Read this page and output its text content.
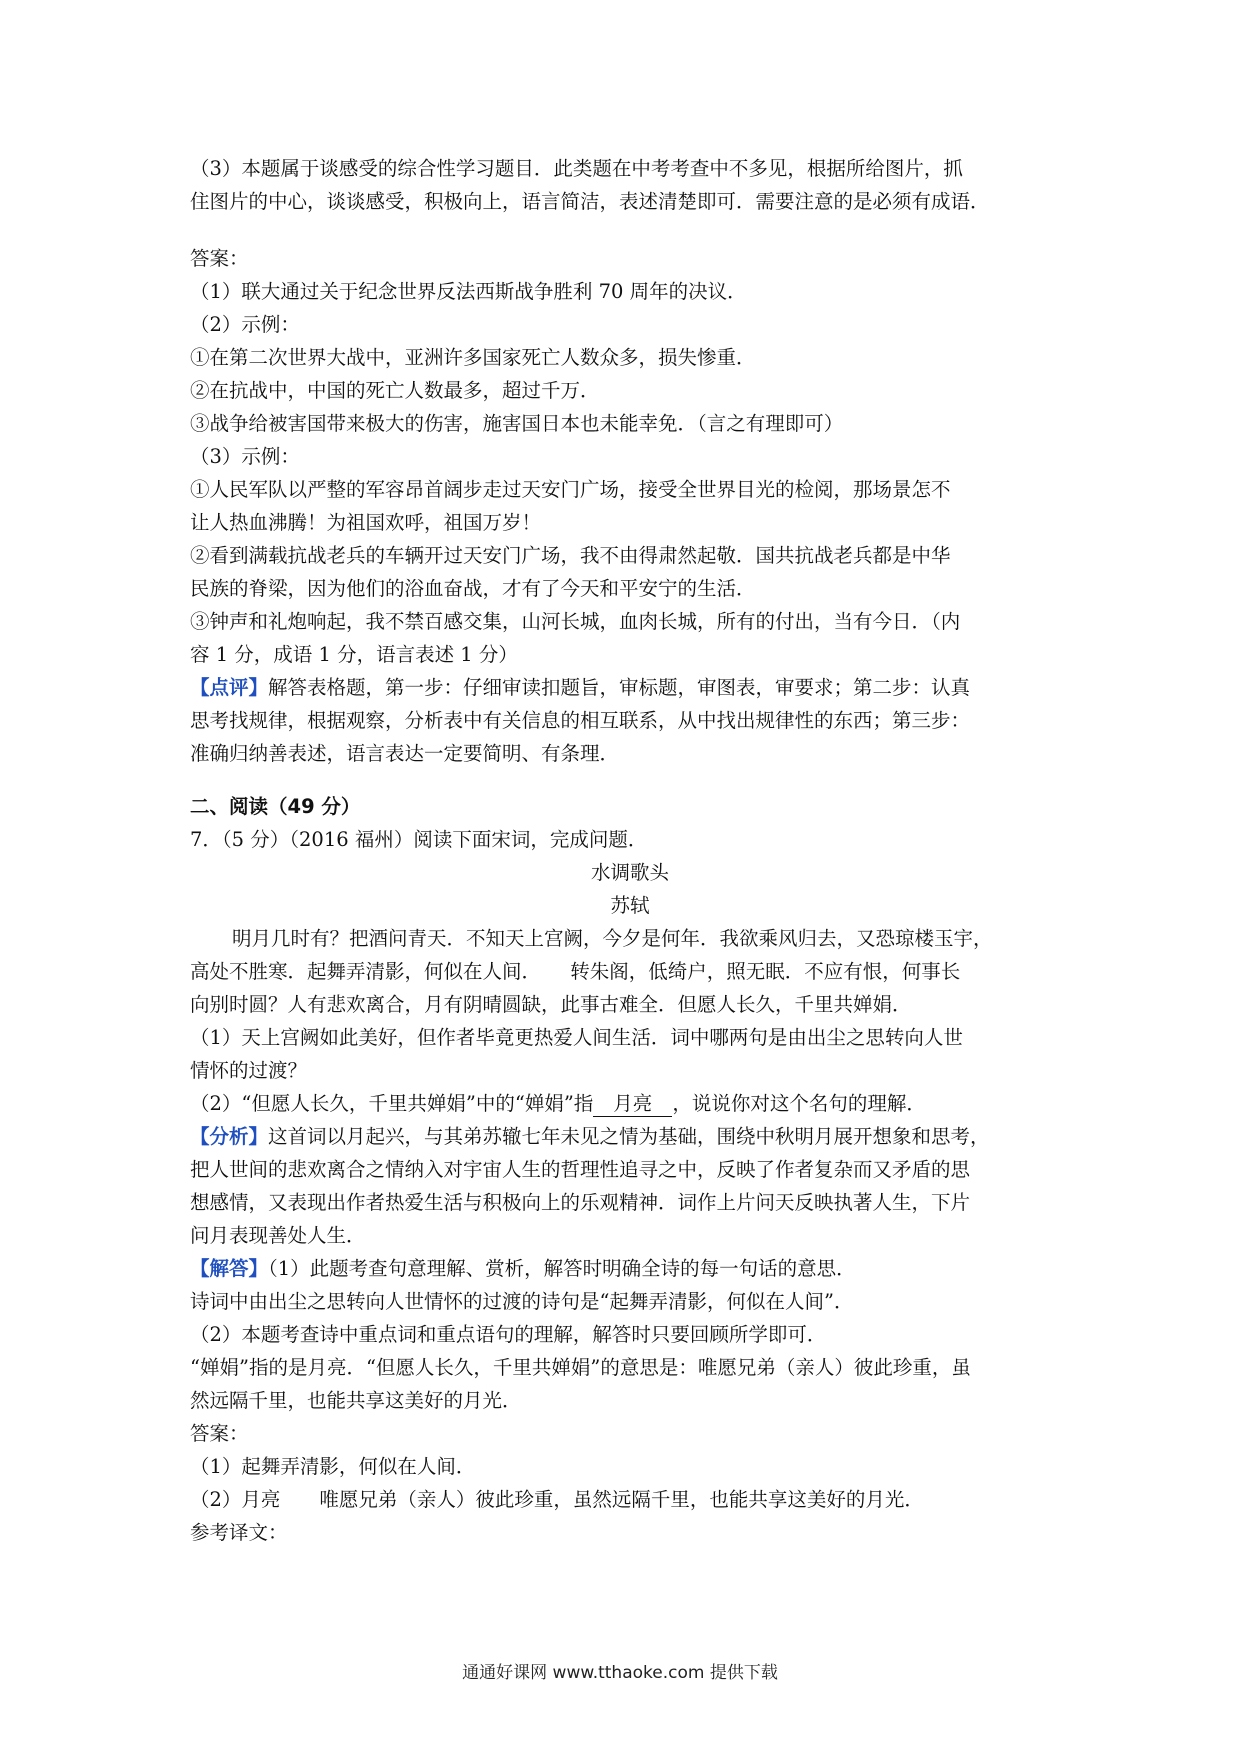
（3）本题属于谈感受的综合性学习题目．此类题在中考考查中不多见，根据所给图片，抓
住图片的中心，谈谈感受，积极向上，语言简洁，表述清楚即可．需要注意的是必须有成语．
答案：
（1）联大通过关于纪念世界反法西斯战争胜利 70 周年的决议．
（2）示例：
①在第二次世界大战中，亚洲许多国家死亡人数众多，损失惨重．
②在抗战中，中国的死亡人数最多，超过千万．
③战争给被害国带来极大的伤害，施害国日本也未能幸免．（言之有理即可）
（3）示例：
①人民军队以严整的军容昂首阔步走过天安门广场，接受全世界目光的检阅，那场景怎不
让人热血沸腾！为祖国欢呼，祖国万岁！
②看到满载抗战老兵的车辆开过天安门广场，我不由得肃然起敬．国共抗战老兵都是中华
民族的脊梁，因为他们的浴血奋战，才有了今天和平安宁的生活．
③钟声和礼炮响起，我不禁百感交集，山河长城，血肉长城，所有的付出，当有今日．（内
容 1 分，成语 1 分，语言表述 1 分）
【点评】解答表格题，第一步：仔细审读扣题旨，审标题，审图表，审要求；第二步：认真
思考找规律，根据观察，分析表中有关信息的相互联系，从中找出规律性的东西；第三步：
准确归纳善表述，语言表达一定要简明、有条理．
二、阅读（49 分）
7．（5 分）（2016 福州）阅读下面宋词，完成问题．
水调歌头
苏轼
明月几时有？把酒问青天．不知天上宫阙，今夕是何年．我欲乘风归去，又恐琼楼玉宇，
高处不胜寒．起舞弄清影，何似在人间．　　转朱阁，低绮户，照无眠．不应有恨，何事长
向别时圆？人有悲欢离合，月有阴晴圆缺，此事古难全．但愿人长久，千里共婵娟．
（1）天上宫阙如此美好，但作者毕竟更热爱人间生活．词中哪两句是由出尘之思转向人世
情怀的过渡？
（2）“但愿人长久，千里共婵娟”中的“婵娟”指 月亮 ，说说你对这个名句的理解．
【分析】这首词以月起兴，与其弟苏辙七年未见之情为基础，围绕中秋明月展开想象和思考，
把人世间的悲欢离合之情纳入对宇宙人生的哲理性追寻之中，反映了作者复杂而又矛盾的思
想感情，又表现出作者热爱生活与积极向上的乐观精神．词作上片问天反映执著人生，下片
问月表现善处人生．
【解答】（1）此题考查句意理解、赏析，解答时明确全诗的每一句话的意思．
诗词中由出尘之思转向人世情怀的过渡的诗句是“起舞弄清影，何似在人间”．
（2）本题考查诗中重点词和重点语句的理解，解答时只要回顾所学即可．
“婵娟”指的是月亮．“但愿人长久，千里共婵娟”的意思是：唯愿兄弟（亲人）彼此珍重，虽
然远隔千里，也能共享这美好的月光．
答案：
（1）起舞弄清影，何似在人间．
（2）月亮　　唯愿兄弟（亲人）彼此珍重，虽然远隔千里，也能共享这美好的月光．
参考译文：
通通好课网 www.tthaoke.com 提供下载
